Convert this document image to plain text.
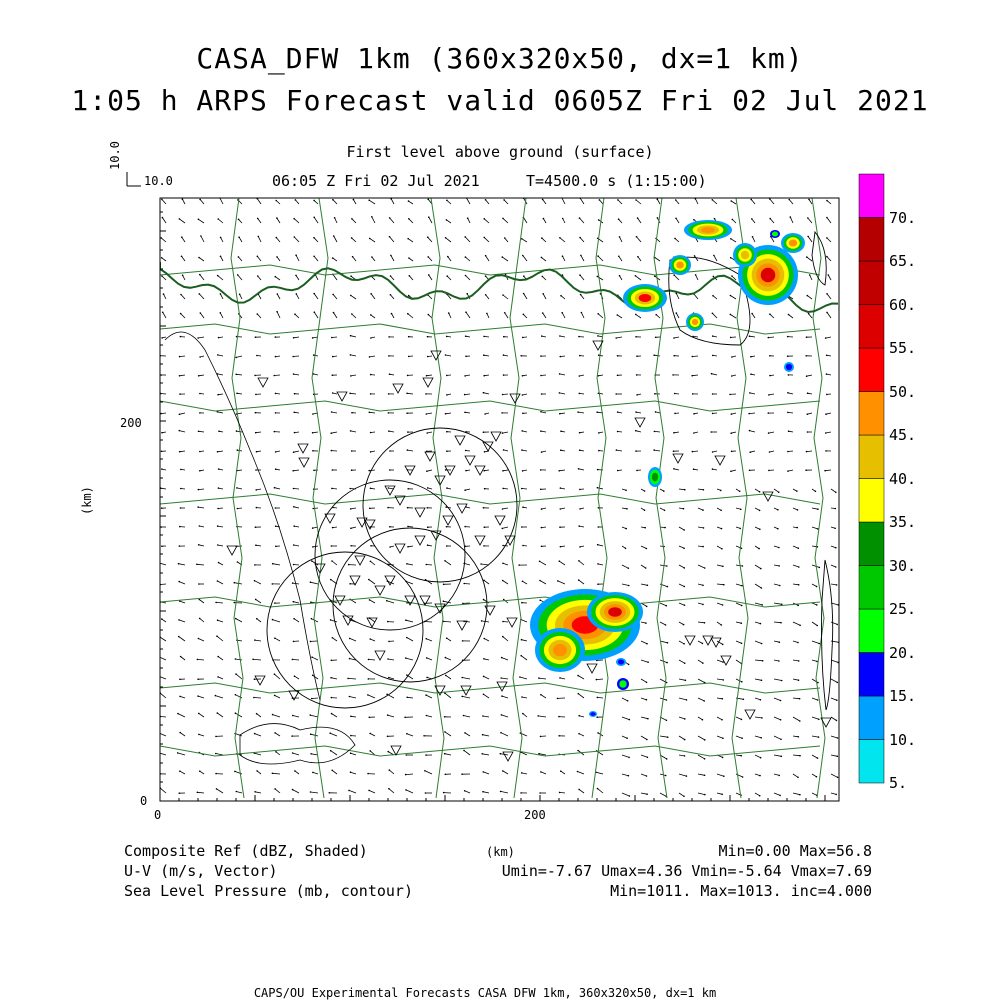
CASA_DFW 1km (360x320x50, dx=1 km)
1:05 h ARPS Forecast valid 0605Z Fri 02 Jul 2021
First level above ground (surface)
06:05 Z Fri 02 Jul 2021	T=4500.0 s (1:15:00)
10.0
10.0
200
0
0	200
(km)
(km)
5.
10.
15.
20.
25.
30.
35.
40.
45.
50.
55.
60.
65.
70.
Composite Ref (dBZ, Shaded)
U-V (m/s, Vector)
Sea Level Pressure (mb, contour)
Min=0.00 Max=56.8
Umin=-7.67 Umax=4.36 Vmin=-5.64 Vmax=7.69
Min=1011. Max=1013. inc=4.000
CAPS/OU Experimental Forecasts CASA DFW 1km, 360x320x50, dx=1 km
